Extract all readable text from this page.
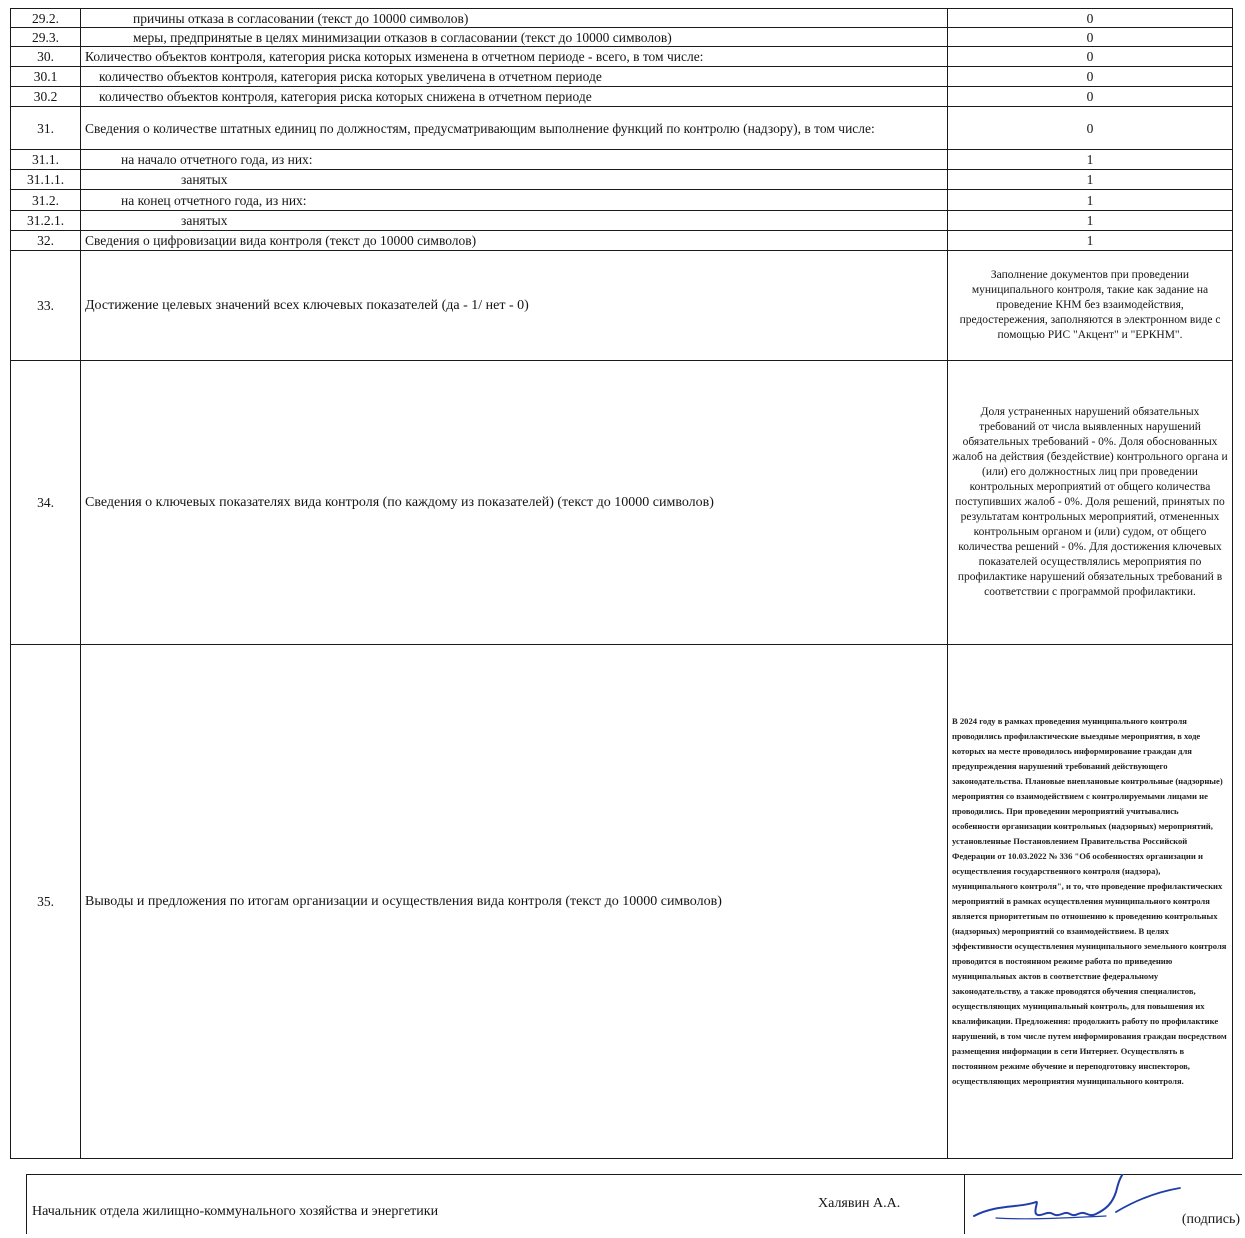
29.2.	причины отказа в согласовании (текст до 10000 символов)	0
29.3.	меры, предпринятые в целях минимизации отказов в согласовании (текст до 10000 символов)	0
30.	Количество объектов контроля, категория риска которых изменена в отчетном периоде - всего, в том числе:	0
30.1	количество объектов контроля, категория риска которых увеличена в отчетном периоде	0
30.2	количество объектов контроля, категория риска которых снижена в отчетном периоде	0
31.	Сведения о количестве штатных единиц по должностям, предусматривающим выполнение функций по контролю (надзору), в том числе:	0
31.1.	на начало отчетного года, из них:	1
31.1.1.	занятых	1
31.2.	на конец отчетного года, из них:	1
31.2.1.	занятых	1
32.	Сведения о цифровизации вида контроля (текст до 10000 символов)	1
33.	Достижение целевых значений всех ключевых показателей (да - 1/ нет - 0)	Заполнение документов при проведении муниципального контроля, такие как задание на проведение КНМ без взаимодействия, предостережения, заполняются в электронном виде с помощью РИС "Акцент" и "ЕРКНМ".
34.	Сведения о ключевых показателях вида контроля (по каждому из показателей) (текст до 10000 символов)	Доля устраненных нарушений обязательных требований от числа выявленных нарушений обязательных требований - 0%. Доля обоснованных жалоб на действия (бездействие) контрольного органа и (или) его должностных лиц при проведении контрольных мероприятий от общего количества поступивших жалоб - 0%. Доля решений, принятых по результатам контрольных мероприятий, отмененных контрольным органом и (или) судом, от общего количества решений - 0%. Для достижения ключевых показателей осуществлялись мероприятия по профилактике нарушений обязательных требований в соответствии с программой профилактики.
35.	Выводы и предложения по итогам организации и осуществления вида контроля (текст до 10000 символов)	В 2024 году в рамках проведения муниципального контроля проводились профилактические выездные мероприятия, в ходе которых на месте проводилось информирование граждан для предупреждения нарушений требований действующего законодательства. Плановые внеплановые контрольные (надзорные) мероприятия со взаимодействием с контролируемыми лицами не проводились. При проведении мероприятий учитывались особенности организации контрольных (надзорных) мероприятий, установленные Постановлением Правительства Российской Федерации от 10.03.2022 № 336 "Об особенностях организации и осуществления государственного контроля (надзора), муниципального контроля", и то, что проведение профилактических мероприятий в рамках осуществления муниципального контроля является приоритетным по отношению к проведению контрольных (надзорных) мероприятий со взаимодействием. В целях эффективности осуществления муниципального земельного контроля проводится в постоянном режиме работа по приведению муниципальных актов в соответствие федеральному законодательству, а также проводятся обучения специалистов, осуществляющих муниципальный контроль, для повышения их квалификации. Предложения: продолжить работу по профилактике нарушений, в том числе путем информирования граждан посредством размещения информации в сети Интернет. Осуществлять в постоянном режиме обучение и переподготовку инспекторов, осуществляющих мероприятия муниципального контроля.
Начальник отдела жилищно-коммунального хозяйства и энергетики
Халявин А.А.
(подпись)
